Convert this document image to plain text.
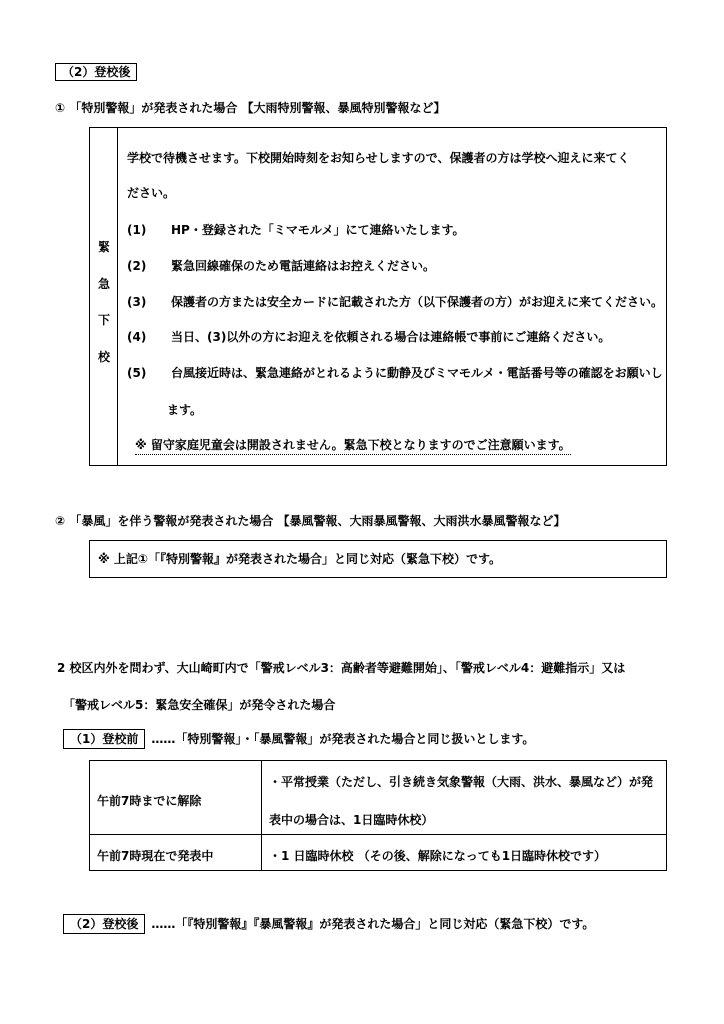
（2）登校後
① 「特別警報」が発表された場合 【大雨特別警報、暴風特別警報など】
緊
急
下
校
学校で待機させます。下校開始時刻をお知らせしますので、保護者の方は学校へ迎えに来てく
ださい。
(1) HP・登録された「ミマモルメ」にて連絡いたします。
(2) 緊急回線確保のため電話連絡はお控えください。
(3) 保護者の方または安全カードに記載された方（以下保護者の方）がお迎えに来てください。
(4) 当日、(3)以外の方にお迎えを依頼される場合は連絡帳で事前にご連絡ください。
(5) 台風接近時は、緊急連絡がとれるように動静及びミマモルメ・電話番号等の確認をお願いし
ます。
※ 留守家庭児童会は開設されません。緊急下校となりますのでご注意願います。
② 「暴風」を伴う警報が発表された場合 【暴風警報、大雨暴風警報、大雨洪水暴風警報など】
※ 上記①「『特別警報』が発表された場合」と同じ対応（緊急下校）です。
2 校区内外を問わず、大山崎町内で「警戒レベル3：高齢者等避難開始」、「警戒レベル4：避難指示」又は
「警戒レベル5：緊急安全確保」が発令された場合
（1）登校前 ……「特別警報」・「暴風警報」が発表された場合と同じ扱いとします。
午前7時までに解除
・平常授業（ただし、引き続き気象警報（大雨、洪水、暴風など）が発
表中の場合は、1日臨時休校）
午前7時現在で発表中	・1 日臨時休校 （その後、解除になっても1日臨時休校です）
（2）登校後 ……「『特別警報』『暴風警報』が発表された場合」と同じ対応（緊急下校）です。
